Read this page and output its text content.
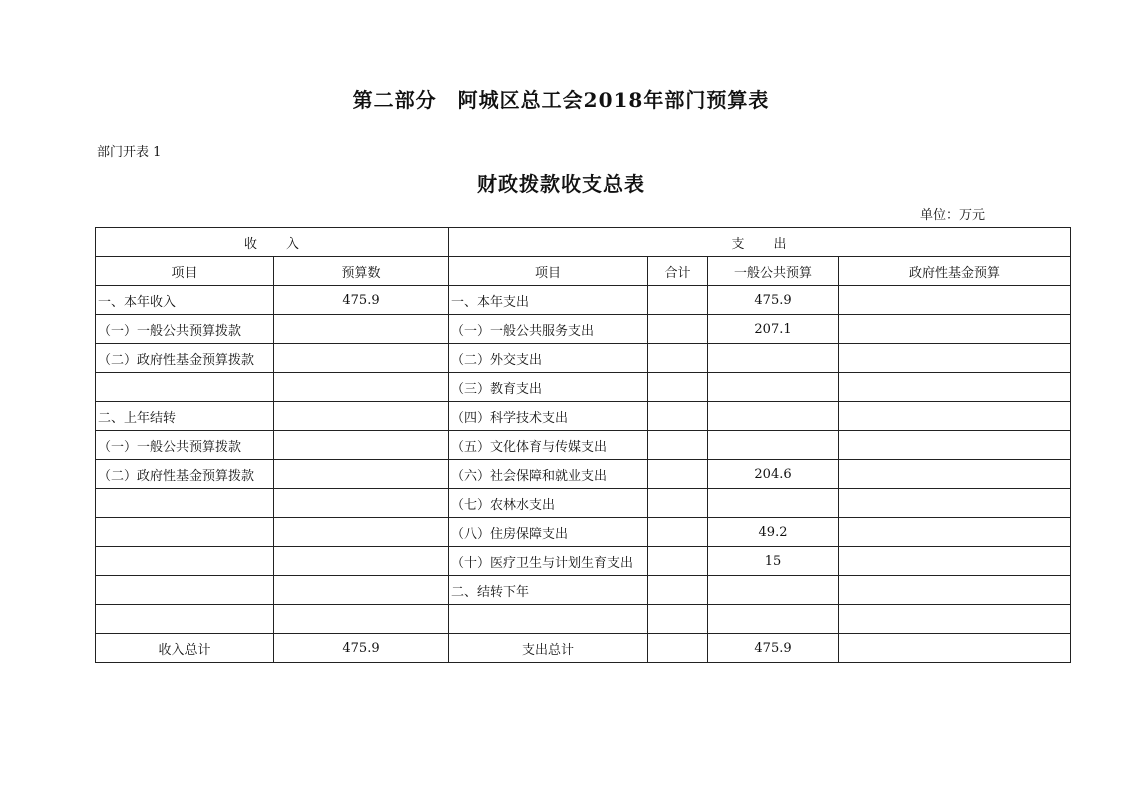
第二部分　阿城区总工会2018年部门预算表
部门开表 1
财政拨款收支总表
单位：万元
收　　入		支　　出			
项目	预算数	项目	合计	一般公共预算	政府性基金预算
一、本年收入	475.9	一、本年支出		475.9	
（一）一般公共预算拨款		（一）一般公共服务支出		207.1	
（二）政府性基金预算拨款		（二）外交支出			
		（三）教育支出			
二、上年结转		（四）科学技术支出			
（一）一般公共预算拨款		（五）文化体育与传媒支出			
（二）政府性基金预算拨款		（六）社会保障和就业支出		204.6	
		（七）农林水支出			
		（八）住房保障支出		49.2	
		（十）医疗卫生与计划生育支出		15	
		二、结转下年			

收入总计	475.9	支出总计		475.9	
